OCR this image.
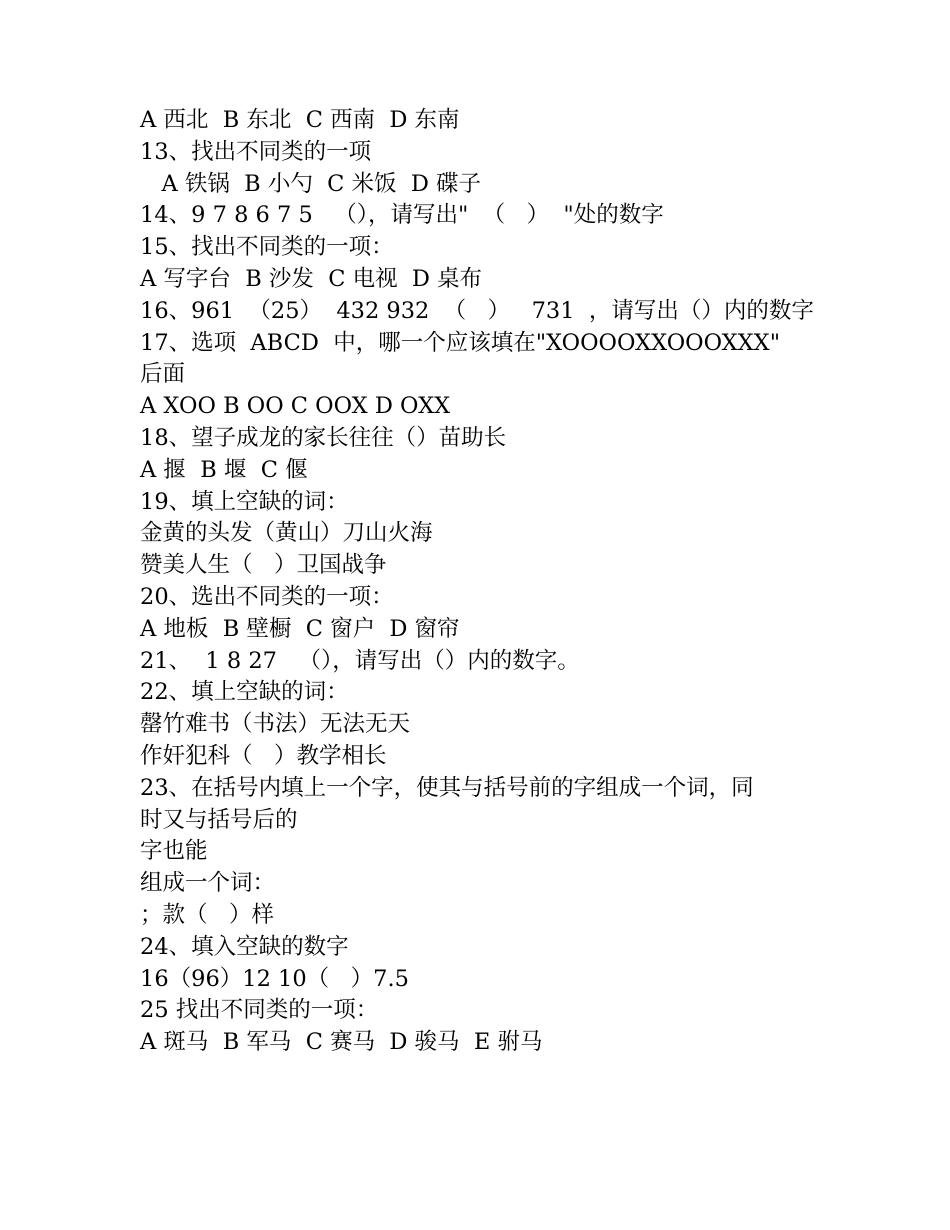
A 西北  B 东北  C 西南  D 东南

13、找出不同类的一项

A 铁锅  B 小勺  C 米饭  D 碟子

14、9 7 8 6 7 5   （），请写出"  （   ）  "处的数字

15、找出不同类的一项：

A 写字台  B 沙发  C 电视  D 桌布

16、961  （25）  432 932  （   ）   731  ，请写出（）内的数字

17、选项  ABCD  中，哪一个应该填在"XOOOOXXOOOXXX"

后面

A XOO B OO C OOX D OXX

18、望子成龙的家长往往（）苗助长

A 揠  B 堰  C 偃

19、填上空缺的词：

金黄的头发（黄山）刀山火海

赞美人生（   ）卫国战争

20、选出不同类的一项：

A 地板  B 壁橱  C 窗户  D 窗帘

21、  1 8 27   （），请写出（）内的数字。

22、填上空缺的词：

罄竹难书（书法）无法无天

作奸犯科（   ）教学相长

23、在括号内填上一个字，使其与括号前的字组成一个词，同

时又与括号后的

字也能

组成一个词：

；款（   ）样

24、填入空缺的数字

16（96）12 10（   ）7.5

25 找出不同类的一项：

A 斑马  B 军马  C 赛马  D 骏马  E 驸马
